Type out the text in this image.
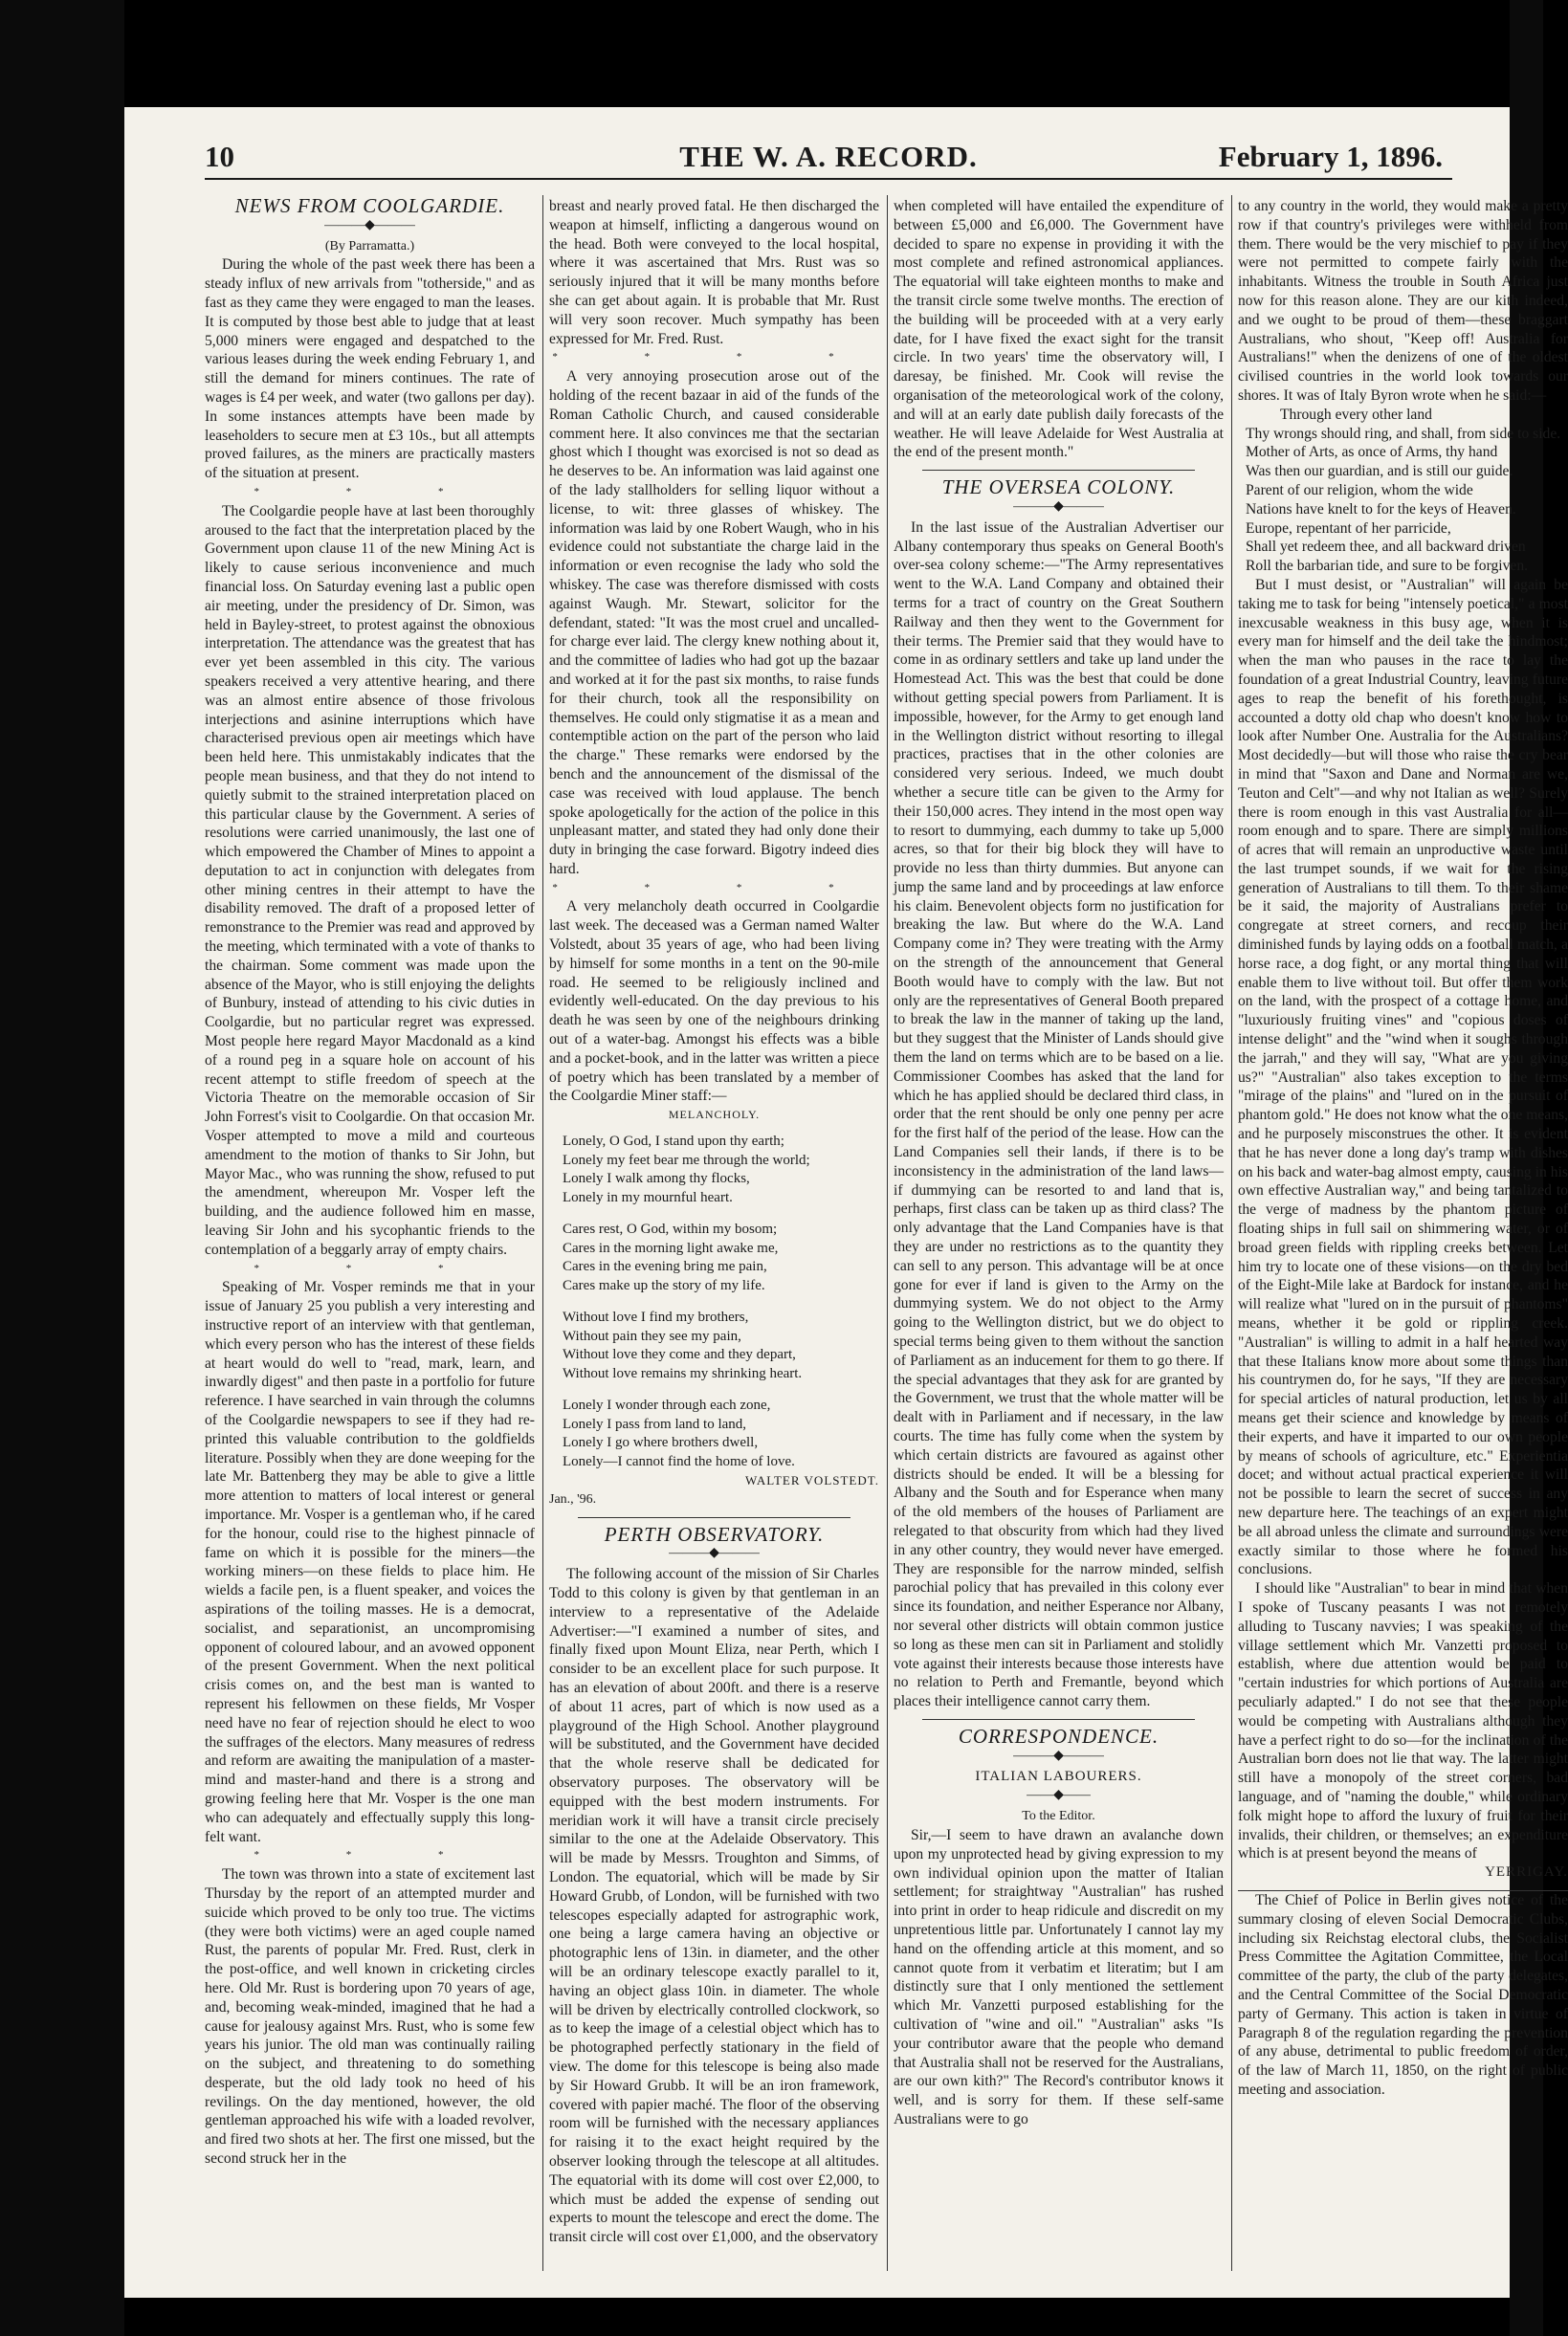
10	THE W. A. RECORD.	February 1, 1896.

NEWS FROM COOLGARDIE.

———◆———

(By Parramatta.)

During the whole of the past week there has been a steady influx of new arrivals from "totherside," and as fast as they came they were engaged to man the leases. It is computed by those best able to judge that at least 5,000 miners were engaged and despatched to the various leases during the week ending February 1, and still the demand for miners continues. The rate of wages is £4 per week, and water (two gallons per day). In some instances attempts have been made by leaseholders to secure men at £3 10s., but all attempts proved failures, as the miners are practically masters of the situation at present.

* * *

The Coolgardie people have at last been thoroughly aroused to the fact that the interpretation placed by the Government upon clause 11 of the new Mining Act is likely to cause serious inconvenience and much financial loss. On Saturday evening last a public open air meeting, under the presidency of Dr. Simon, was held in Bayley-street, to protest against the obnoxious interpretation. The attendance was the greatest that has ever yet been assembled in this city. The various speakers received a very attentive hearing, and there was an almost entire absence of those frivolous interjections and asinine interruptions which have characterised previous open air meetings which have been held here. This unmistakably indicates that the people mean business, and that they do not intend to quietly submit to the strained interpretation placed on this particular clause by the Government. A series of resolutions were carried unanimously, the last one of which empowered the Chamber of Mines to appoint a deputation to act in conjunction with delegates from other mining centres in their attempt to have the disability removed. The draft of a proposed letter of remonstrance to the Premier was read and approved by the meeting, which terminated with a vote of thanks to the chairman. Some comment was made upon the absence of the Mayor, who is still enjoying the delights of Bunbury, instead of attending to his civic duties in Coolgardie, but no particular regret was expressed. Most people here regard Mayor Macdonald as a kind of a round peg in a square hole on account of his recent attempt to stifle freedom of speech at the Victoria Theatre on the memorable occasion of Sir John Forrest's visit to Coolgardie. On that occasion Mr. Vosper attempted to move a mild and courteous amendment to the motion of thanks to Sir John, but Mayor Mac., who was running the show, refused to put the amendment, whereupon Mr. Vosper left the building, and the audience followed him en masse, leaving Sir John and his sycophantic friends to the contemplation of a beggarly array of empty chairs.

* * *

Speaking of Mr. Vosper reminds me that in your issue of January 25 you publish a very interesting and instructive report of an interview with that gentleman, which every person who has the interest of these fields at heart would do well to "read, mark, learn, and inwardly digest" and then paste in a portfolio for future reference. I have searched in vain through the columns of the Coolgardie newspapers to see if they had re-printed this valuable contribution to the goldfields literature. Possibly when they are done weeping for the late Mr. Battenberg they may be able to give a little more attention to matters of local interest or general importance. Mr. Vosper is a gentleman who, if he cared for the honour, could rise to the highest pinnacle of fame on which it is possible for the miners—the working miners—on these fields to place him. He wields a facile pen, is a fluent speaker, and voices the aspirations of the toiling masses. He is a democrat, socialist, and separationist, an uncompromising opponent of coloured labour, and an avowed opponent of the present Government. When the next political crisis comes on, and the best man is wanted to represent his fellowmen on these fields, Mr Vosper need have no fear of rejection should he elect to woo the suffrages of the electors. Many measures of redress and reform are awaiting the manipulation of a master-mind and master-hand and there is a strong and growing feeling here that Mr. Vosper is the one man who can adequately and effectually supply this long-felt want.

* * *

The town was thrown into a state of excitement last Thursday by the report of an attempted murder and suicide which proved to be only too true. The victims (they were both victims) were an aged couple named Rust, the parents of popular Mr. Fred. Rust, clerk in the post-office, and well known in cricketing circles here. Old Mr. Rust is bordering upon 70 years of age, and, becoming weak-minded, imagined that he had a cause for jealousy against Mrs. Rust, who is some few years his junior. The old man was continually railing on the subject, and threatening to do something desperate, but the old lady took no heed of his revilings. On the day mentioned, however, the old gentleman approached his wife with a loaded revolver, and fired two shots at her. The first one missed, but the second struck her in the

breast and nearly proved fatal. He then discharged the weapon at himself, inflicting a dangerous wound on the head. Both were conveyed to the local hospital, where it was ascertained that Mrs. Rust was so seriously injured that it will be many months before she can get about again. It is probable that Mr. Rust will very soon recover. Much sympathy has been expressed for Mr. Fred. Rust.

* * * *

A very annoying prosecution arose out of the holding of the recent bazaar in aid of the funds of the Roman Catholic Church, and caused considerable comment here. It also convinces me that the sectarian ghost which I thought was exorcised is not so dead as he deserves to be. An information was laid against one of the lady stallholders for selling liquor without a license, to wit: three glasses of whiskey. The information was laid by one Robert Waugh, who in his evidence could not substantiate the charge laid in the information or even recognise the lady who sold the whiskey. The case was therefore dismissed with costs against Waugh. Mr. Stewart, solicitor for the defendant, stated: "It was the most cruel and uncalled-for charge ever laid. The clergy knew nothing about it, and the committee of ladies who had got up the bazaar and worked at it for the past six months, to raise funds for their church, took all the responsibility on themselves. He could only stigmatise it as a mean and contemptible action on the part of the person who laid the charge." These remarks were endorsed by the bench and the announcement of the dismissal of the case was received with loud applause. The bench spoke apologetically for the action of the police in this unpleasant matter, and stated they had only done their duty in bringing the case forward. Bigotry indeed dies hard.

* * * *

A very melancholy death occurred in Coolgardie last week. The deceased was a German named Walter Volstedt, about 35 years of age, who had been living by himself for some months in a tent on the 90-mile road. He seemed to be religiously inclined and evidently well-educated. On the day previous to his death he was seen by one of the neighbours drinking out of a water-bag. Amongst his effects was a bible and a pocket-book, and in the latter was written a piece of poetry which has been translated by a member of the Coolgardie Miner staff:—

MELANCHOLY.

Lonely, O God, I stand upon thy earth;
Lonely my feet bear me through the world;
Lonely I walk among thy flocks,
Lonely in my mournful heart.
Cares rest, O God, within my bosom;
Cares in the morning light awake me,
Cares in the evening bring me pain,
Cares make up the story of my life.
Without love I find my brothers,
Without pain they see my pain,
Without love they come and they depart,
Without love remains my shrinking heart.
Lonely I wonder through each zone,
Lonely I pass from land to land,
Lonely I go where brothers dwell,
Lonely—I cannot find the home of love.

WALTER VOLSTEDT.

Jan., '96.

PERTH OBSERVATORY.

———◆———

The following account of the mission of Sir Charles Todd to this colony is given by that gentleman in an interview to a representative of the Adelaide Advertiser:—"I examined a number of sites, and finally fixed upon Mount Eliza, near Perth, which I consider to be an excellent place for such purpose. It has an elevation of about 200ft. and there is a reserve of about 11 acres, part of which is now used as a playground of the High School. Another playground will be substituted, and the Government have decided that the whole reserve shall be dedicated for observatory purposes. The observatory will be equipped with the best modern instruments. For meridian work it will have a transit circle precisely similar to the one at the Adelaide Observatory. This will be made by Messrs. Troughton and Simms, of London. The equatorial, which will be made by Sir Howard Grubb, of London, will be furnished with two telescopes especially adapted for astrographic work, one being a large camera having an objective or photographic lens of 13in. in diameter, and the other will be an ordinary telescope exactly parallel to it, having an object glass 10in. in diameter. The whole will be driven by electrically controlled clockwork, so as to keep the image of a celestial object which has to be photographed perfectly stationary in the field of view. The dome for this telescope is being also made by Sir Howard Grubb. It will be an iron framework, covered with papier maché. The floor of the observing room will be furnished with the necessary appliances for raising it to the exact height required by the observer looking through the telescope at all altitudes. The equatorial with its dome will cost over £2,000, to which must be added the expense of sending out experts to mount the telescope and erect the dome. The transit circle will cost over £1,000, and the observatory

when completed will have entailed the expenditure of between £5,000 and £6,000. The Government have decided to spare no expense in providing it with the most complete and refined astronomical appliances. The equatorial will take eighteen months to make and the transit circle some twelve months. The erection of the building will be proceeded with at a very early date, for I have fixed the exact sight for the transit circle. In two years' time the observatory will, I daresay, be finished. Mr. Cook will revise the organisation of the meteorological work of the colony, and will at an early date publish daily forecasts of the weather. He will leave Adelaide for West Australia at the end of the present month."

THE OVERSEA COLONY.

———◆———

In the last issue of the Australian Advertiser our Albany contemporary thus speaks on General Booth's over-sea colony scheme:—"The Army representatives went to the W.A. Land Company and obtained their terms for a tract of country on the Great Southern Railway and then they went to the Government for their terms. The Premier said that they would have to come in as ordinary settlers and take up land under the Homestead Act. This was the best that could be done without getting special powers from Parliament. It is impossible, however, for the Army to get enough land in the Wellington district without resorting to illegal practices, practises that in the other colonies are considered very serious. Indeed, we much doubt whether a secure title can be given to the Army for their 150,000 acres. They intend in the most open way to resort to dummying, each dummy to take up 5,000 acres, so that for their big block they will have to provide no less than thirty dummies. But anyone can jump the same land and by proceedings at law enforce his claim. Benevolent objects form no justification for breaking the law. But where do the W.A. Land Company come in? They were treating with the Army on the strength of the announcement that General Booth would have to comply with the law. But not only are the representatives of General Booth prepared to break the law in the manner of taking up the land, but they suggest that the Minister of Lands should give them the land on terms which are to be based on a lie. Commissioner Coombes has asked that the land for which he has applied should be declared third class, in order that the rent should be only one penny per acre for the first half of the period of the lease. How can the Land Companies sell their lands, if there is to be inconsistency in the administration of the land laws—if dummying can be resorted to and land that is, perhaps, first class can be taken up as third class? The only advantage that the Land Companies have is that they are under no restrictions as to the quantity they can sell to any person. This advantage will be at once gone for ever if land is given to the Army on the dummying system. We do not object to the Army going to the Wellington district, but we do object to special terms being given to them without the sanction of Parliament as an inducement for them to go there. If the special advantages that they ask for are granted by the Government, we trust that the whole matter will be dealt with in Parliament and if necessary, in the law courts. The time has fully come when the system by which certain districts are favoured as against other districts should be ended. It will be a blessing for Albany and the South and for Esperance when many of the old members of the houses of Parliament are relegated to that obscurity from which had they lived in any other country, they would never have emerged. They are responsible for the narrow minded, selfish parochial policy that has prevailed in this colony ever since its foundation, and neither Esperance nor Albany, nor several other districts will obtain common justice so long as these men can sit in Parliament and stolidly vote against their interests because those interests have no relation to Perth and Fremantle, beyond which places their intelligence cannot carry them.

CORRESPONDENCE.

———◆———

ITALIAN LABOURERS.

——◆——

To the Editor.

Sir,—I seem to have drawn an avalanche down upon my unprotected head by giving expression to my own individual opinion upon the matter of Italian settlement; for straightway "Australian" has rushed into print in order to heap ridicule and discredit on my unpretentious little par. Unfortunately I cannot lay my hand on the offending article at this moment, and so cannot quote from it verbatim et literatim; but I am distinctly sure that I only mentioned the settlement which Mr. Vanzetti purposed establishing for the cultivation of "wine and oil." "Australian" asks "Is your contributor aware that the people who demand that Australia shall not be reserved for the Australians, are our own kith?" The Record's contributor knows it well, and is sorry for them. If these self-same Australians were to go

to any country in the world, they would make a pretty row if that country's privileges were withheld from them. There would be the very mischief to pay if they were not permitted to compete fairly with the inhabitants. Witness the trouble in South Africa just now for this reason alone. They are our kith indeed, and we ought to be proud of them—these braggart Australians, who shout, "Keep off! Australia for Australians!" when the denizens of one of the oldest civilised countries in the world look towards our shores. It was of Italy Byron wrote when he said:—

Through every other land
Thy wrongs should ring, and shall, from side to side.
Mother of Arts, as once of Arms, thy hand
Was then our guardian, and is still our guide.
Parent of our religion, whom the wide
Nations have knelt to for the keys of Heaven.
Europe, repentant of her parricide,
Shall yet redeem thee, and all backward driven
Roll the barbarian tide, and sure to be forgiven.

But I must desist, or "Australian" will again be taking me to task for being "intensely poetical," a most inexcusable weakness in this busy age, when it is every man for himself and the deil take the hindmost; when the man who pauses in the race to lay the foundation of a great Industrial Country, leaving future ages to reap the benefit of his forethought, is accounted a dotty old chap who doesn't know how to look after Number One. Australia for the Australians? Most decidedly—but will those who raise the cry bear in mind that "Saxon and Dane and Norman are we, Teuton and Celt"—and why not Italian as well? Surely there is room enough in this vast Australia for all—room enough and to spare. There are simply millions of acres that will remain an unproductive waste until the last trumpet sounds, if we wait for the rising generation of Australians to till them. To their shame be it said, the majority of Australians prefer to congregate at street corners, and recoup their diminished funds by laying odds on a football match, a horse race, a dog fight, or any mortal thing that will enable them to live without toil. But offer them work on the land, with the prospect of a cottage home, and "luxuriously fruiting vines" and "copious doses of intense delight" and the "wind when it soughs through the jarrah," and they will say, "What are you giving us?" "Australian" also takes exception to the terms "mirage of the plains" and "lured on in the pursuit of phantom gold." He does not know what the one means, and he purposely misconstrues the other. It is evident that he has never done a long day's tramp with dishes on his back and water-bag almost empty, causing in his own effective Australian way," and being tantalized to the verge of madness by the phantom picture of floating ships in full sail on shimmering water, or of broad green fields with rippling creeks between. Let him try to locate one of these visions—on the dry bed of the Eight-Mile lake at Bardock for instance, and he will realize what "lured on in the pursuit of phantoms" means, whether it be gold or rippling creek. "Australian" is willing to admit in a half hearted way that these Italians know more about some things than his countrymen do, for he says, "If they are necessary for special articles of natural production, let us by all means get their science and knowledge by means of their experts, and have it imparted to our own people by means of schools of agriculture, etc." Experientia docet; and without actual practical experience it will not be possible to learn the secret of success in any new departure here. The teachings of an expert might be all abroad unless the climate and surroundings were exactly similar to those where he formed his conclusions.

I should like "Australian" to bear in mind that when I spoke of Tuscany peasants I was not remotely alluding to Tuscany navvies; I was speaking of the village settlement which Mr. Vanzetti proposed to establish, where due attention would be paid to "certain industries for which portions of Australia are peculiarly adapted." I do not see that these people would be competing with Australians although they have a perfect right to do so—for the inclination of the Australian born does not lie that way. The latter might still have a monopoly of the street corners, bad language, and of "naming the double," while ordinary folk might hope to afford the luxury of fruit for their invalids, their children, or themselves; an expenditure which is at present beyond the means of

YERRIGAY.

The Chief of Police in Berlin gives notice of the summary closing of eleven Social Democratic Clubs, including six Reichstag electoral clubs, the Socialist Press Committee the Agitation Committee, the Local committee of the party, the club of the party delegates, and the Central Committee of the Social Democratic party of Germany. This action is taken in virtue of Paragraph 8 of the regulation regarding the prevention of any abuse, detrimental to public freedom of order, of the law of March 11, 1850, on the right of public meeting and association.
